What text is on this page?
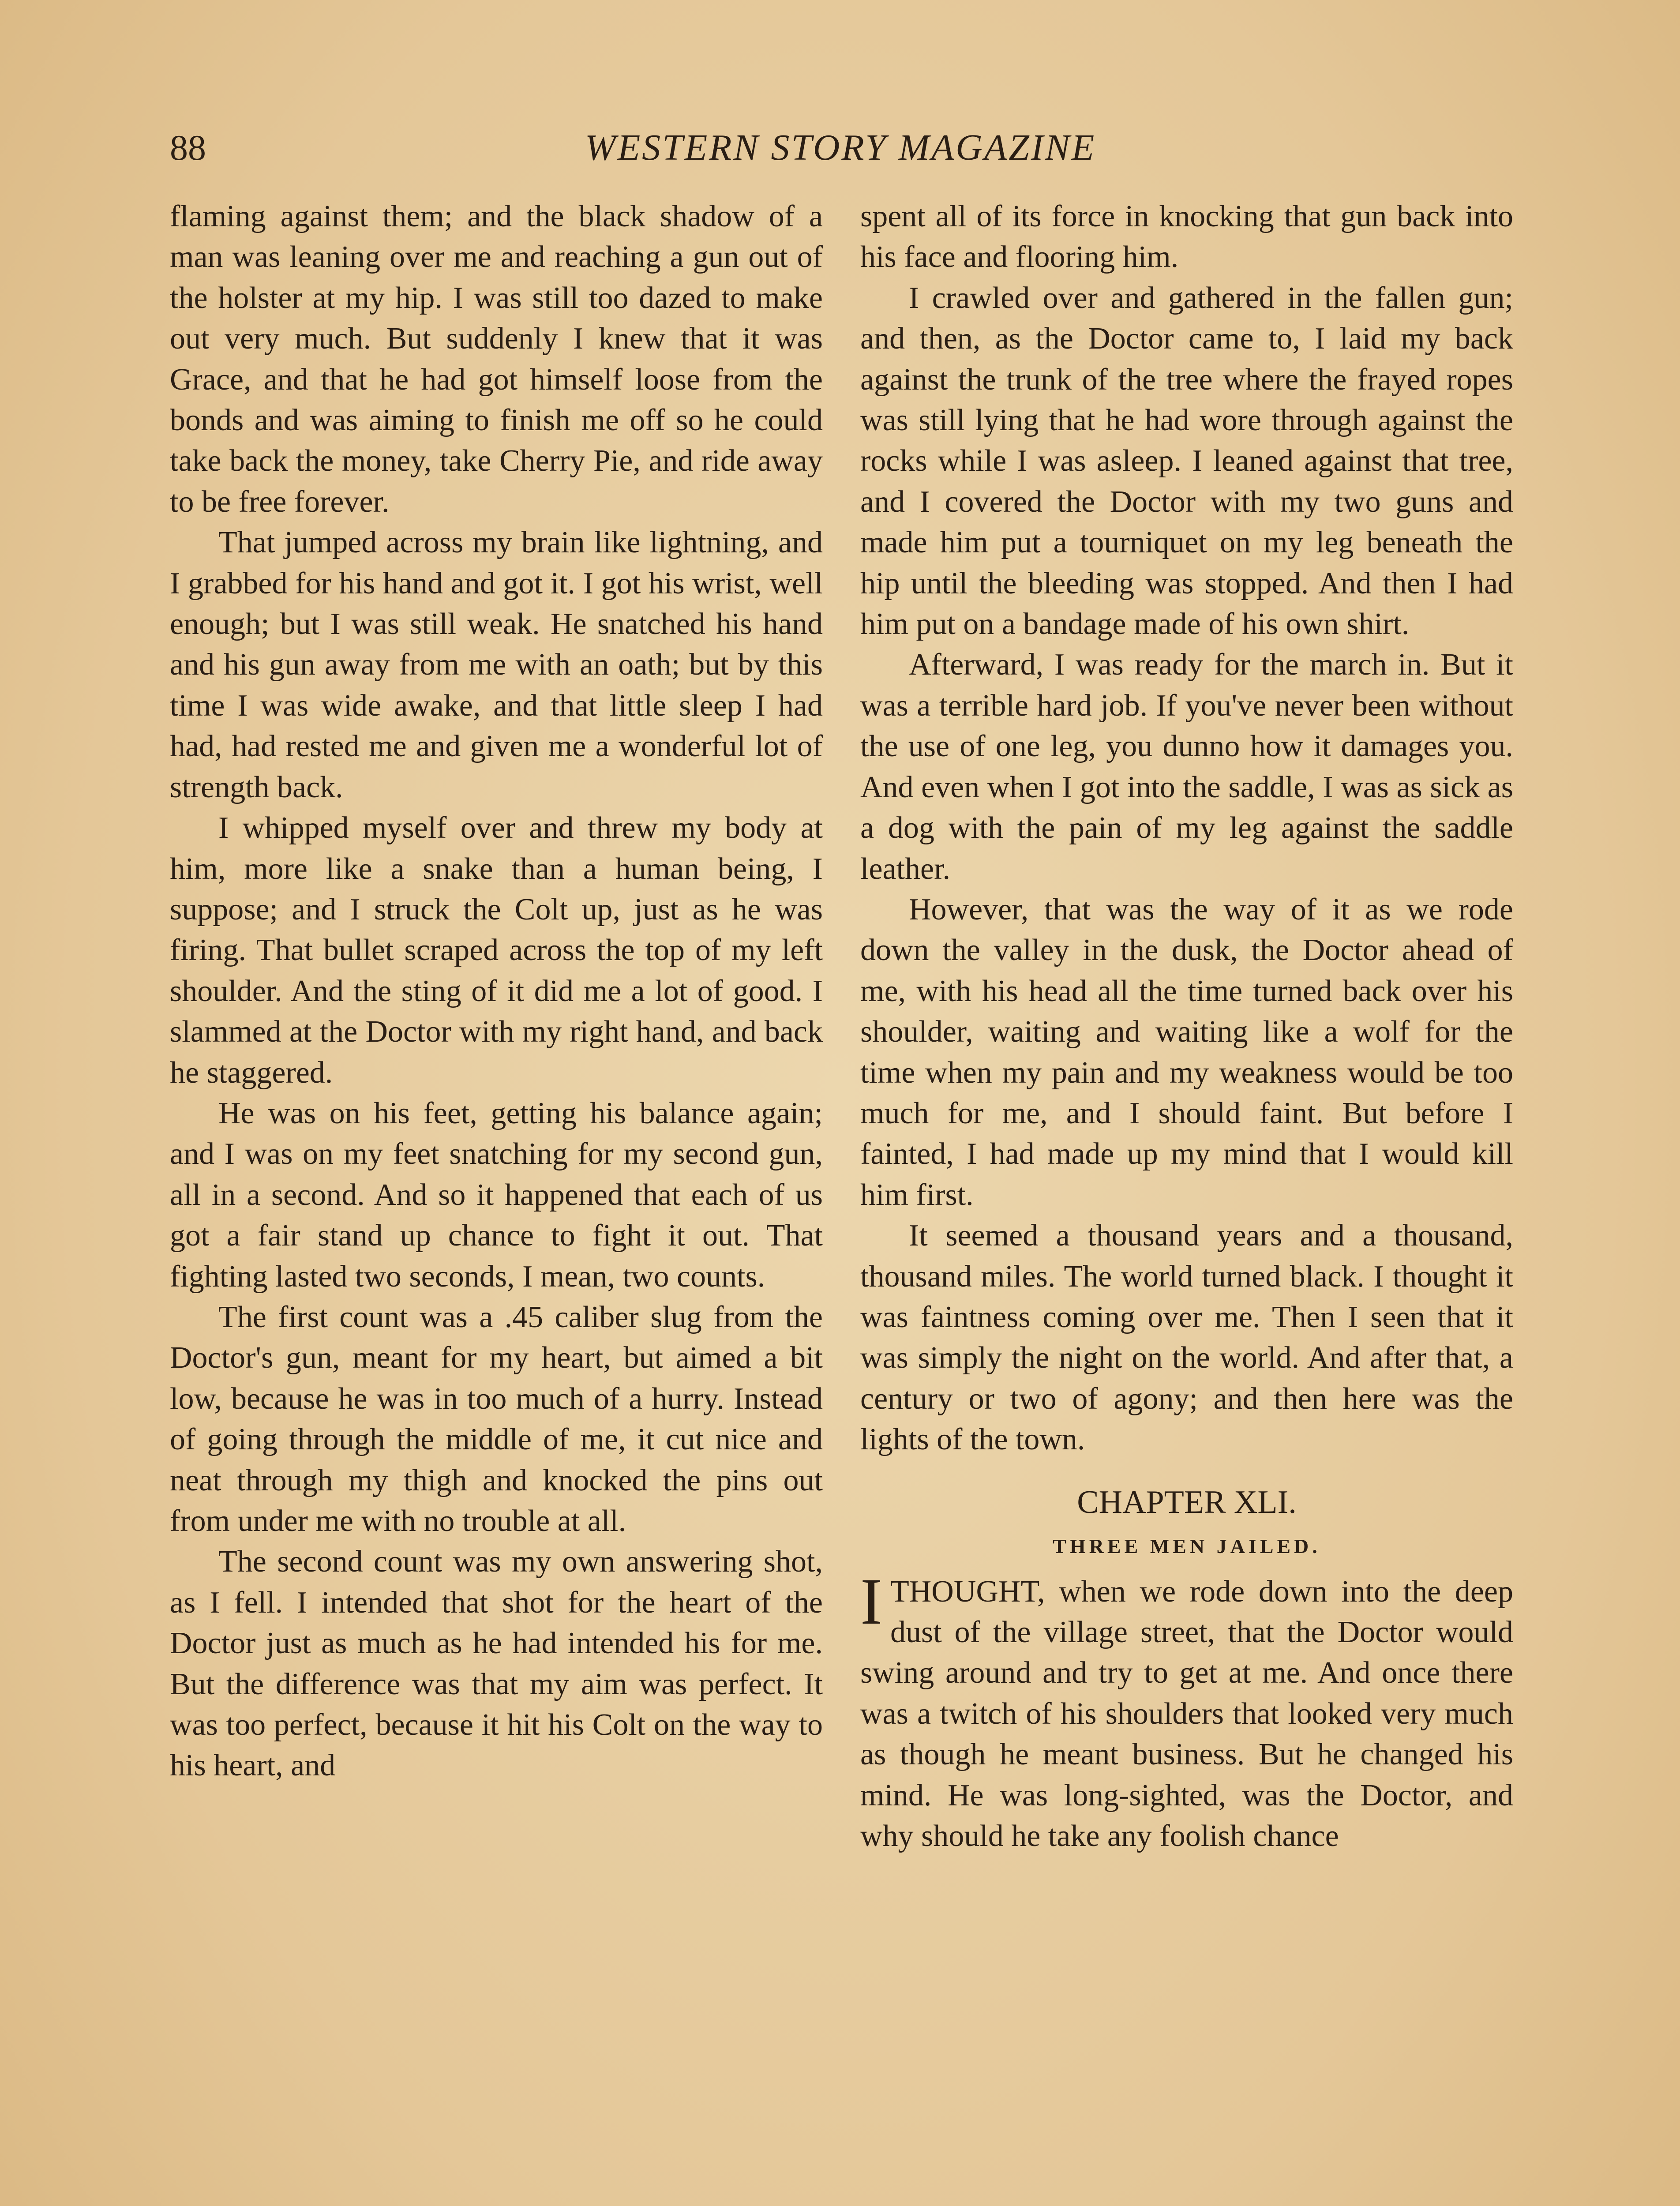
88	WESTERN STORY MAGAZINE

flaming against them; and the black shadow of a man was leaning over me and reaching a gun out of the holster at my hip. I was still too dazed to make out very much. But suddenly I knew that it was Grace, and that he had got himself loose from the bonds and was aiming to finish me off so he could take back the money, take Cherry Pie, and ride away to be free forever.

That jumped across my brain like lightning, and I grabbed for his hand and got it. I got his wrist, well enough; but I was still weak. He snatched his hand and his gun away from me with an oath; but by this time I was wide awake, and that little sleep I had had, had rested me and given me a wonderful lot of strength back.

I whipped myself over and threw my body at him, more like a snake than a human being, I suppose; and I struck the Colt up, just as he was firing. That bullet scraped across the top of my left shoulder. And the sting of it did me a lot of good. I slammed at the Doctor with my right hand, and back he staggered.

He was on his feet, getting his balance again; and I was on my feet snatching for my second gun, all in a second. And so it happened that each of us got a fair stand up chance to fight it out. That fighting lasted two seconds, I mean, two counts.

The first count was a .45 caliber slug from the Doctor's gun, meant for my heart, but aimed a bit low, because he was in too much of a hurry. Instead of going through the middle of me, it cut nice and neat through my thigh and knocked the pins out from under me with no trouble at all.

The second count was my own answering shot, as I fell. I intended that shot for the heart of the Doctor just as much as he had intended his for me. But the difference was that my aim was perfect. It was too perfect, because it hit his Colt on the way to his heart, and

spent all of its force in knocking that gun back into his face and flooring him.

I crawled over and gathered in the fallen gun; and then, as the Doctor came to, I laid my back against the trunk of the tree where the frayed ropes was still lying that he had wore through against the rocks while I was asleep. I leaned against that tree, and I covered the Doctor with my two guns and made him put a tourniquet on my leg beneath the hip until the bleeding was stopped. And then I had him put on a bandage made of his own shirt.

Afterward, I was ready for the march in. But it was a terrible hard job. If you've never been without the use of one leg, you dunno how it damages you. And even when I got into the saddle, I was as sick as a dog with the pain of my leg against the saddle leather.

However, that was the way of it as we rode down the valley in the dusk, the Doctor ahead of me, with his head all the time turned back over his shoulder, waiting and waiting like a wolf for the time when my pain and my weakness would be too much for me, and I should faint. But before I fainted, I had made up my mind that I would kill him first.

It seemed a thousand years and a thousand, thousand miles. The world turned black. I thought it was faintness coming over me. Then I seen that it was simply the night on the world. And after that, a century or two of agony; and then here was the lights of the town.

CHAPTER XLI.
THREE MEN JAILED.

ITHOUGHT, when we rode down into the deep dust of the village street, that the Doctor would swing around and try to get at me. And once there was a twitch of his shoulders that looked very much as though he meant business. But he changed his mind. He was long-sighted, was the Doctor, and why should he take any foolish chance
